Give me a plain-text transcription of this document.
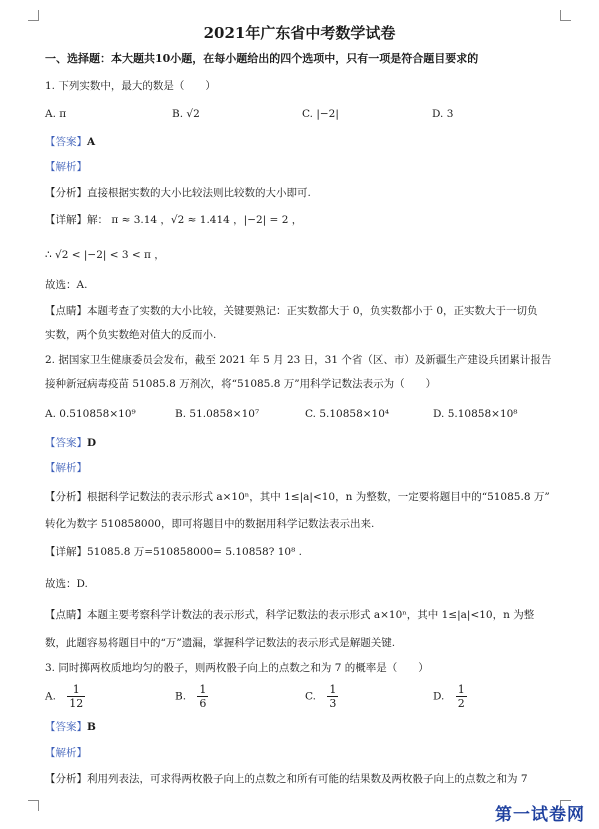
2021年广东省中考数学试卷
一、选择题：本大题共10小题，在每小题给出的四个选项中，只有一项是符合题目要求的
1. 下列实数中，最大的数是（　　）
A. π	B. √2	C. |−2|	D. 3
【答案】A
【解析】
【分析】直接根据实数的大小比较法则比较数的大小即可.
【详解】解： π ≈ 3.14 ，√2 ≈ 1.414 ，|−2| = 2 ，
∴ √2 < |−2| < 3 < π ，
故选：A.
【点睛】本题考查了实数的大小比较，关键要熟记：正实数都大于 0，负实数都小于 0，正实数大于一切负
实数，两个负实数绝对值大的反而小.
2. 据国家卫生健康委员会发布，截至 2021 年 5 月 23 日，31 个省（区、市）及新疆生产建设兵团累计报告
接种新冠病毒疫苗 51085.8 万剂次，将“51085.8 万”用科学记数法表示为（　　）
A. 0.510858×10⁹	B. 51.0858×10⁷	C. 5.10858×10⁴	D. 5.10858×10⁸
【答案】D
【解析】
【分析】根据科学记数法的表示形式 a×10ⁿ，其中 1≤|a|<10，n 为整数，一定要将题目中的“51085.8 万”
转化为数字 510858000，即可将题目中的数据用科学记数法表示出来.
【详解】51085.8 万=510858000= 5.10858? 10⁸ .
故选：D.
【点睛】本题主要考察科学计数法的表示形式，科学记数法的表示形式 a×10ⁿ，其中 1≤|a|<10，n 为整
数，此题容易将题目中的“万”遗漏，掌握科学记数法的表示形式是解题关键.
3. 同时掷两枚质地均匀的骰子，则两枚骰子向上的点数之和为 7 的概率是（　　）
A. $\frac{1}{12}$	B. $\frac{1}{6}$	C. $\frac{1}{3}$	D. $\frac{1}{2}$
【答案】B
【解析】
【分析】利用列表法，可求得两枚骰子向上的点数之和所有可能的结果数及两枚骰子向上的点数之和为 7
第一试卷网
